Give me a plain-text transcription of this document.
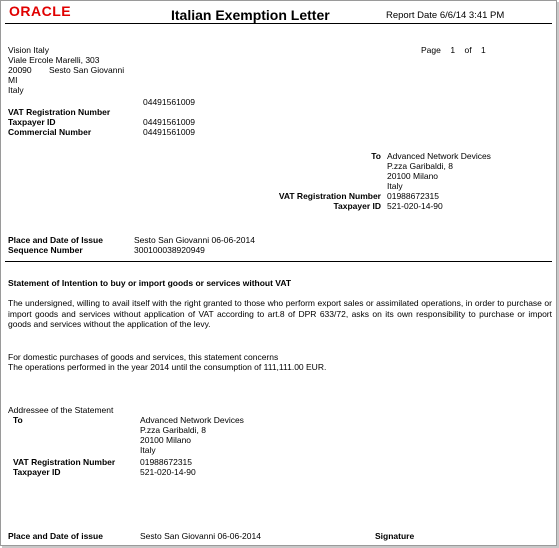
ORACLE	Italian Exemption Letter	Report Date 6/6/14 3:41 PM
Vision Italy
Viale Ercole Marelli, 303
20090 Sesto San Giovanni
MI
Italy
Page 1 of 1
04491561009
VAT Registration Number
Taxpayer ID	04491561009
Commercial Number	04491561009
To Advanced Network Devices
P.zza Garibaldi, 8
20100 Milano
Italy
VAT Registration Number 01988672315
Taxpayer ID 521-020-14-90
Place and Date of Issue	Sesto San Giovanni 06-06-2014
Sequence Number	300100038920949
Statement of Intention to buy or import goods or services without VAT
The undersigned, willing to avail itself with the right granted to those who perform export sales or assimilated operations, in order to purchase or import goods and services without application of VAT according to art.8 of DPR 633/72, asks on its own responsibility to purchase or import goods and services without the application of the levy.
For domestic purchases of goods and services, this statement concerns
The operations performed in the year 2014 until the consumption of 111,111.00 EUR.
Addressee of the Statement
To	Advanced Network Devices
P.zza Garibaldi, 8
20100 Milano
Italy
VAT Registration Number	01988672315
Taxpayer ID	521-020-14-90
Place and Date of issue	Sesto San Giovanni 06-06-2014	Signature
